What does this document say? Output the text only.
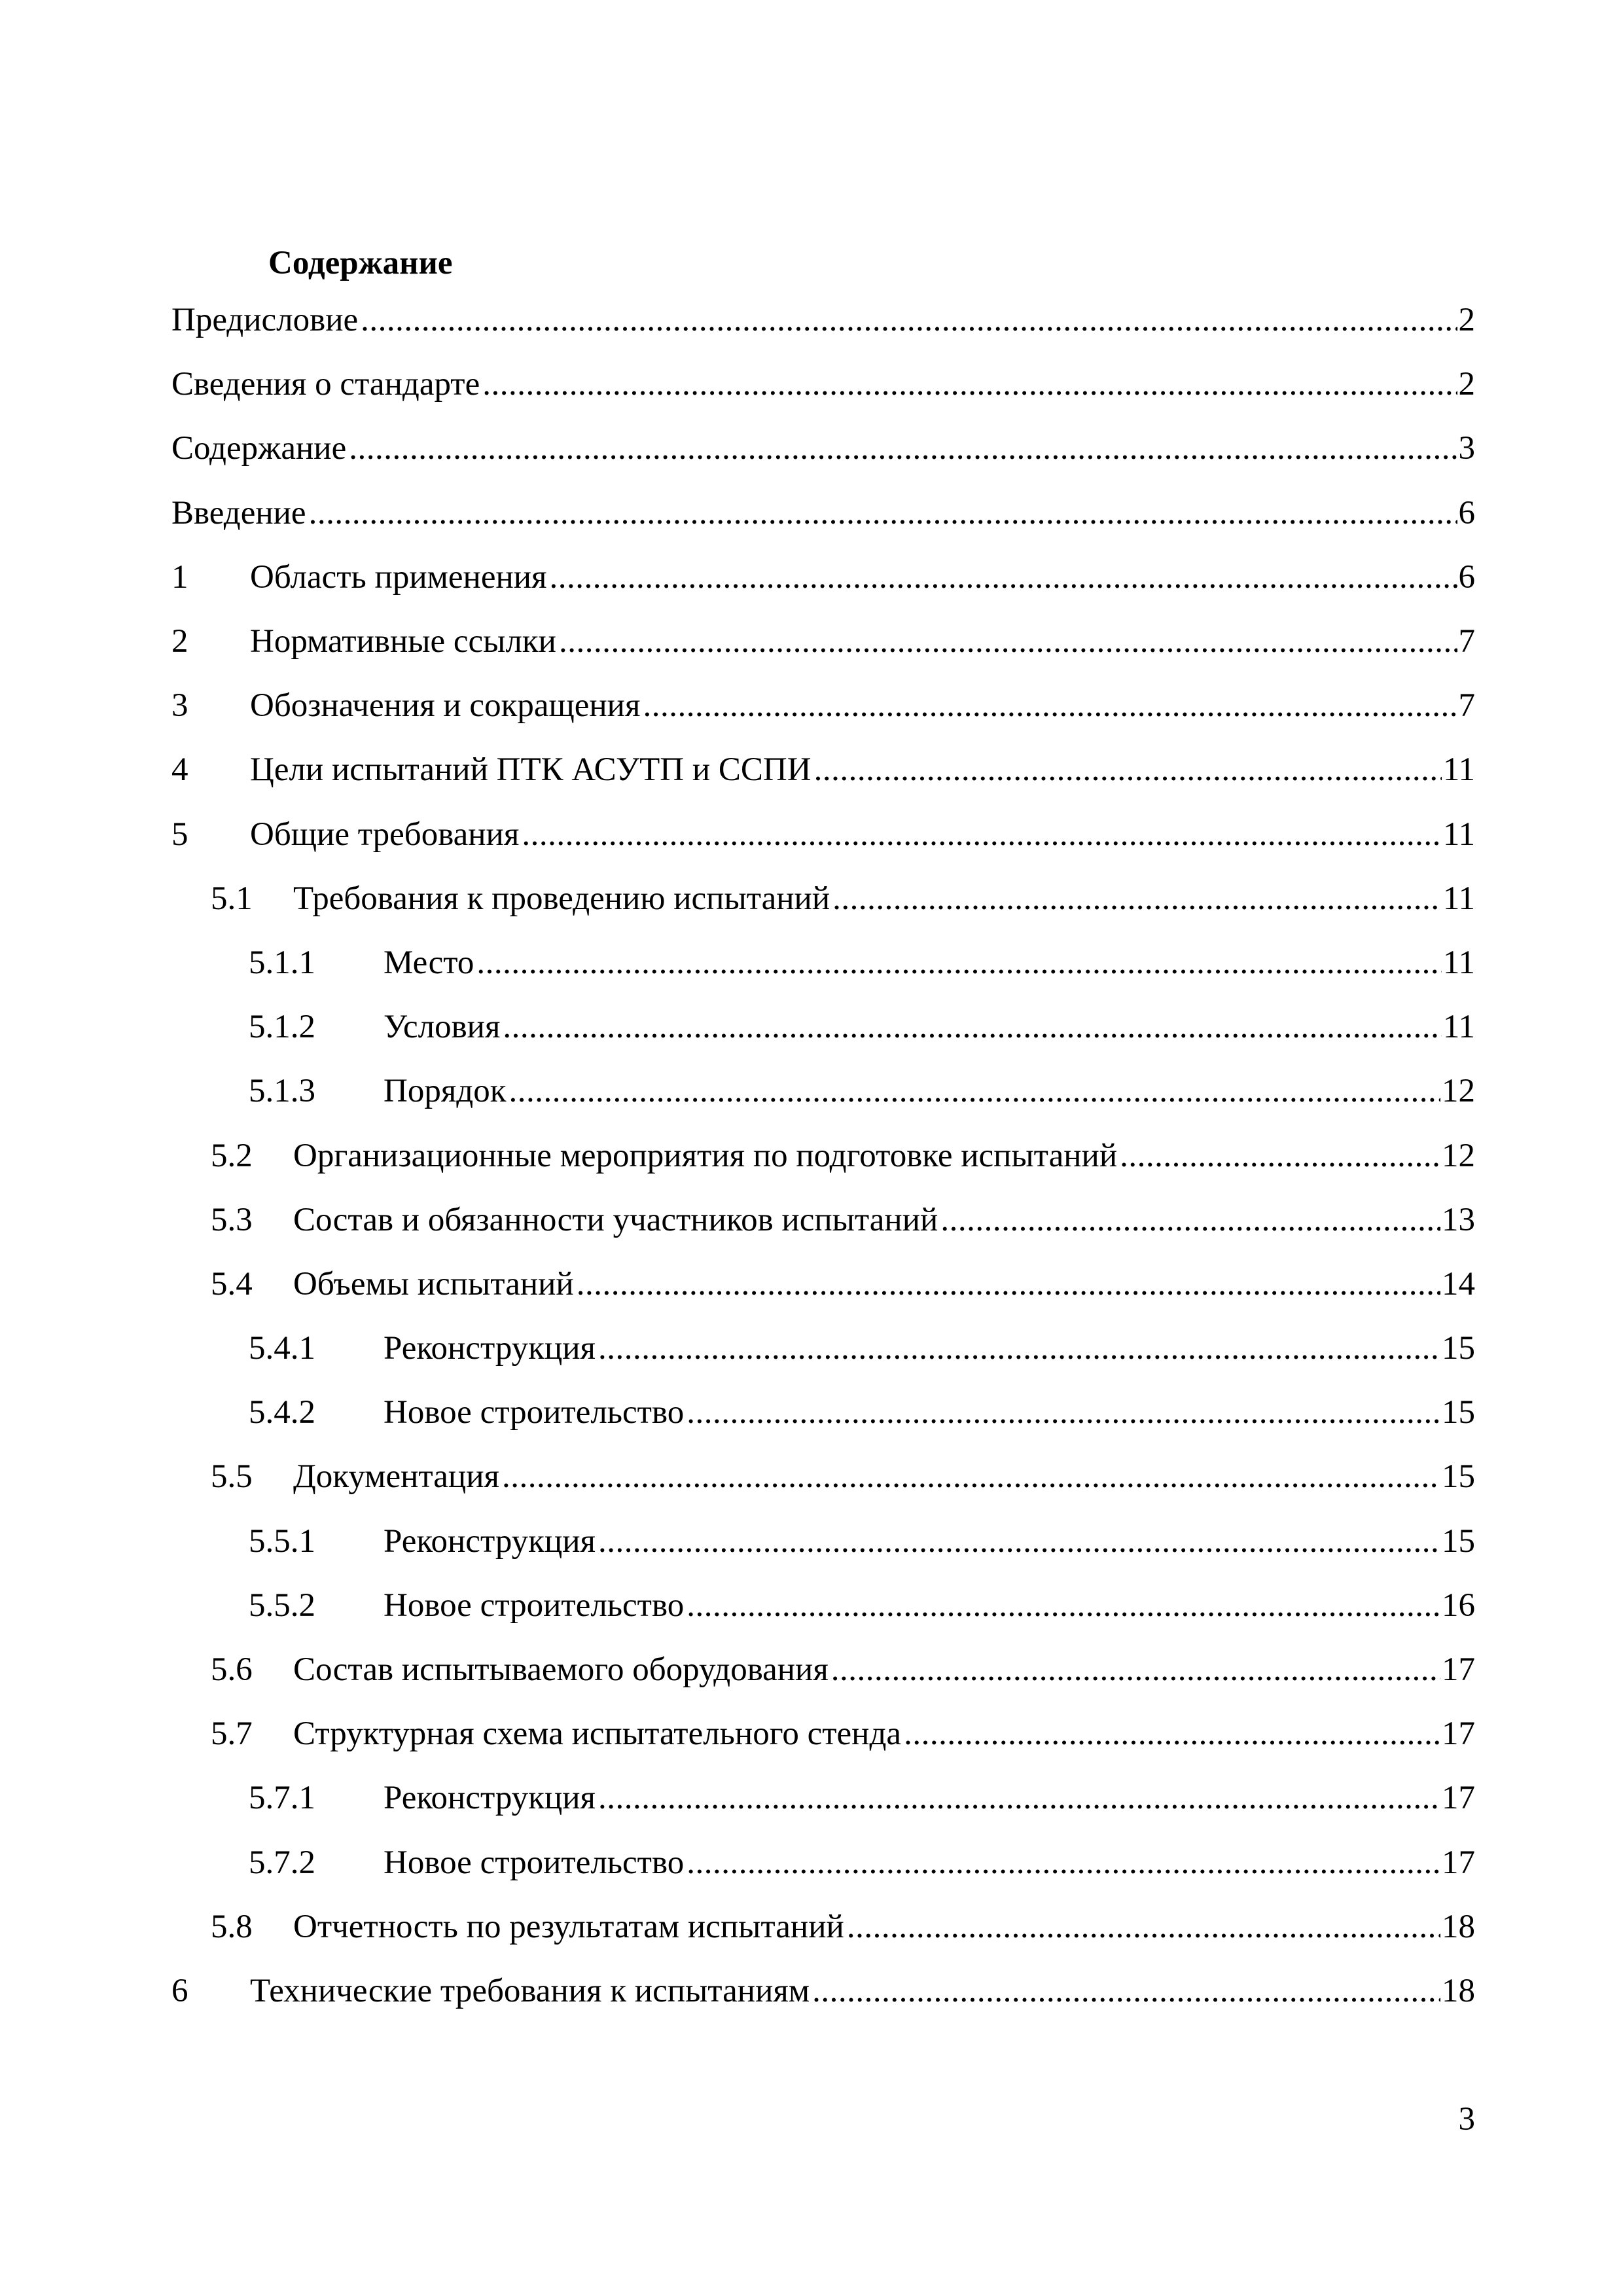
Содержание
Предисловие .....	2
Сведения о стандарте .....	2
Содержание .....	3
Введение .....	6
1	Область применения .....	6
2	Нормативные ссылки .....	7
3	Обозначения и сокращения .....	7
4	Цели испытаний ПТК АСУТП и ССПИ .....	11
5	Общие требования .....	11
5.1	Требования к проведению испытаний .....	11
5.1.1	Место .....	11
5.1.2	Условия .....	11
5.1.3	Порядок .....	12
5.2	Организационные мероприятия по подготовке испытаний .....	12
5.3	Состав и обязанности участников испытаний .....	13
5.4	Объемы испытаний .....	14
5.4.1	Реконструкция .....	15
5.4.2	Новое строительство .....	15
5.5	Документация .....	15
5.5.1	Реконструкция .....	15
5.5.2	Новое строительство .....	16
5.6	Состав испытываемого оборудования .....	17
5.7	Структурная схема испытательного стенда .....	17
5.7.1	Реконструкция .....	17
5.7.2	Новое строительство .....	17
5.8	Отчетность по результатам испытаний .....	18
6	Технические требования к испытаниям .....	18
3
